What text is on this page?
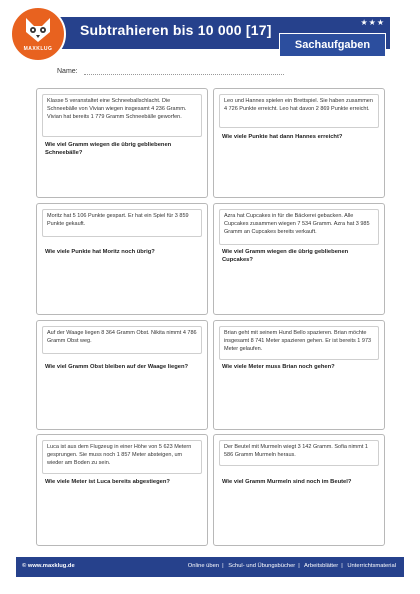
Subtrahieren bis 10 000 [17]	★★★
Sachaufgaben
MAXKLUG
Name:
Klasse 5 veranstaltet eine Schneeballschlacht. Die Schneebälle von Vivian wiegen insgesamt 4 236 Gramm. Vivian hat bereits 1 779 Gramm Schneebälle geworfen.
Wie viel Gramm wiegen die übrig gebliebenen Schneebälle?
Leo und Hannes spielen ein Brettspiel. Sie haben zusammen 4 726 Punkte erreicht. Leo hat davon 2 869 Punkte erreicht.
Wie viele Punkte hat dann Hannes erreicht?
Moritz hat 5 106 Punkte gespart. Er hat ein Spiel für 3 859 Punkte gekauft.
Wie viele Punkte hat Moritz noch übrig?
Azra hat Cupcakes in für die Bäckerei gebacken. Alle Cupcakes zusammen wiegen 7 534 Gramm. Azra hat 3 985 Gramm an Cupcakes bereits verkauft.
Wie viel Gramm wiegen die übrig gebliebenen Cupcakes?
Auf der Waage liegen 8 364 Gramm Obst. Nikita nimmt 4 786 Gramm Obst weg.
Wie viel Gramm Obst bleiben auf der Waage liegen?
Brian geht mit seinem Hund Bello spazieren. Brian möchte insgesamt 8 741 Meter spazieren gehen. Er ist bereits 1 973 Meter gelaufen.
Wie viele Meter muss Brian noch gehen?
Luca ist aus dem Flugzeug in einer Höhe von 5 623 Metern gesprungen. Sie muss noch 1 857 Meter absteigen, um wieder am Boden zu sein.
Wie viele Meter ist Luca bereits abgestiegen?
Der Beutel mit Murmeln wiegt 3 142 Gramm. Sofia nimmt 1 586 Gramm Murmeln heraus.
Wie viel Gramm Murmeln sind noch im Beutel?
© www.maxklug.de	Online üben | Schul- und Übungsbücher | Arbeitsblätter | Unterrichtsmaterial
